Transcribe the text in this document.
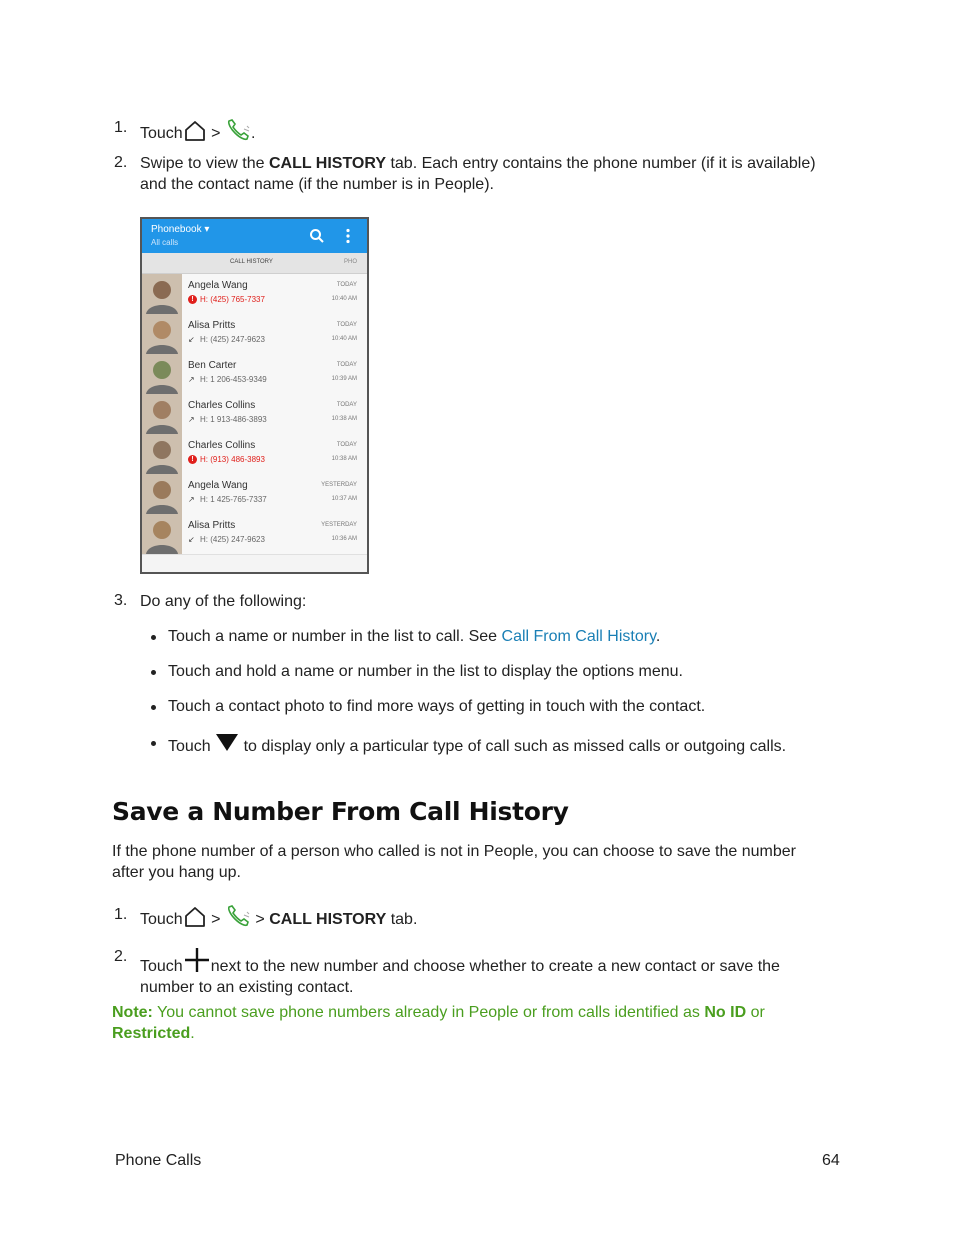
1. Touch > .
2. Swipe to view the CALL HISTORY tab. Each entry contains the phone number (if it is available)
and the contact name (if the number is in People).
Phonebook ▾
All calls
CALL HISTORY	PHO
Angela Wang
! H: (425) 765-7337
TODAY
10:40 AM
Alisa Pritts
↙ H: (425) 247-9623
TODAY
10:40 AM
Ben Carter
↗ H: 1 206-453-9349
TODAY
10:39 AM
Charles Collins
↗ H: 1 913-486-3893
TODAY
10:38 AM
Charles Collins
! H: (913) 486-3893
TODAY
10:38 AM
Angela Wang
↗ H: 1 425-765-7337
YESTERDAY
10:37 AM
Alisa Pritts
↙ H: (425) 247-9623
YESTERDAY
10:36 AM
3. Do any of the following:
Touch a name or number in the list to call. See Call From Call History.
Touch and hold a name or number in the list to display the options menu.
Touch a contact photo to find more ways of getting in touch with the contact.
Touch  to display only a particular type of call such as missed calls or outgoing calls.
Save a Number From Call History
If the phone number of a person who called is not in People, you can choose to save the number
after you hang up.
1. Touch > > CALL HISTORY tab.
2.
Touch next to the new number and choose whether to create a new contact or save the
number to an existing contact.
Note: You cannot save phone numbers already in People or from calls identified as No ID or
Restricted.
Phone Calls	64
